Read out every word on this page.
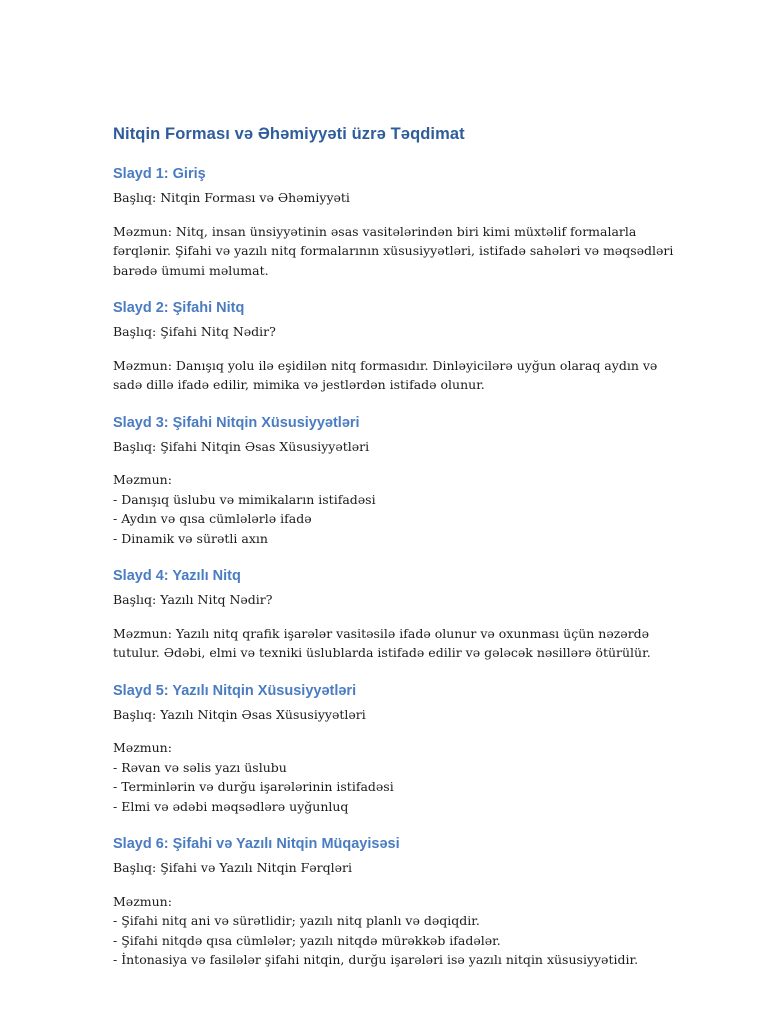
Nitqin Forması və Əhəmiyyəti üzrə Təqdimat
Slayd 1: Giriş

Başlıq: Nitqin Forması və Əhəmiyyəti

Məzmun: Nitq, insan ünsiyyətinin əsas vasitələrindən biri kimi müxtəlif formalarla

fərqlənir. Şifahi və yazılı nitq formalarının xüsusiyyətləri, istifadə sahələri və məqsədləri

barədə ümumi məlumat.

Slayd 2: Şifahi Nitq

Başlıq: Şifahi Nitq Nədir?

Məzmun: Danışıq yolu ilə eşidilən nitq formasıdır. Dinləyicilərə uyğun olaraq aydın və

sadə dillə ifadə edilir, mimika və jestlərdən istifadə olunur.

Slayd 3: Şifahi Nitqin Xüsusiyyətləri

Başlıq: Şifahi Nitqin Əsas Xüsusiyyətləri

Məzmun:

- Danışıq üslubu və mimikaların istifadəsi

- Aydın və qısa cümlələrlə ifadə

- Dinamik və sürətli axın

Slayd 4: Yazılı Nitq

Başlıq: Yazılı Nitq Nədir?

Məzmun: Yazılı nitq qrafik işarələr vasitəsilə ifadə olunur və oxunması üçün nəzərdə

tutulur. Ədəbi, elmi və texniki üslublarda istifadə edilir və gələcək nəsillərə ötürülür.

Slayd 5: Yazılı Nitqin Xüsusiyyətləri

Başlıq: Yazılı Nitqin Əsas Xüsusiyyətləri

Məzmun:

- Rəvan və səlis yazı üslubu

- Terminlərin və durğu işarələrinin istifadəsi

- Elmi və ədəbi məqsədlərə uyğunluq

Slayd 6: Şifahi və Yazılı Nitqin Müqayisəsi

Başlıq: Şifahi və Yazılı Nitqin Fərqləri

Məzmun:

- Şifahi nitq ani və sürətlidir; yazılı nitq planlı və dəqiqdir.

- Şifahi nitqdə qısa cümlələr; yazılı nitqdə mürəkkəb ifadələr.

- İntonasiya və fasilələr şifahi nitqin, durğu işarələri isə yazılı nitqin xüsusiyyətidir.
